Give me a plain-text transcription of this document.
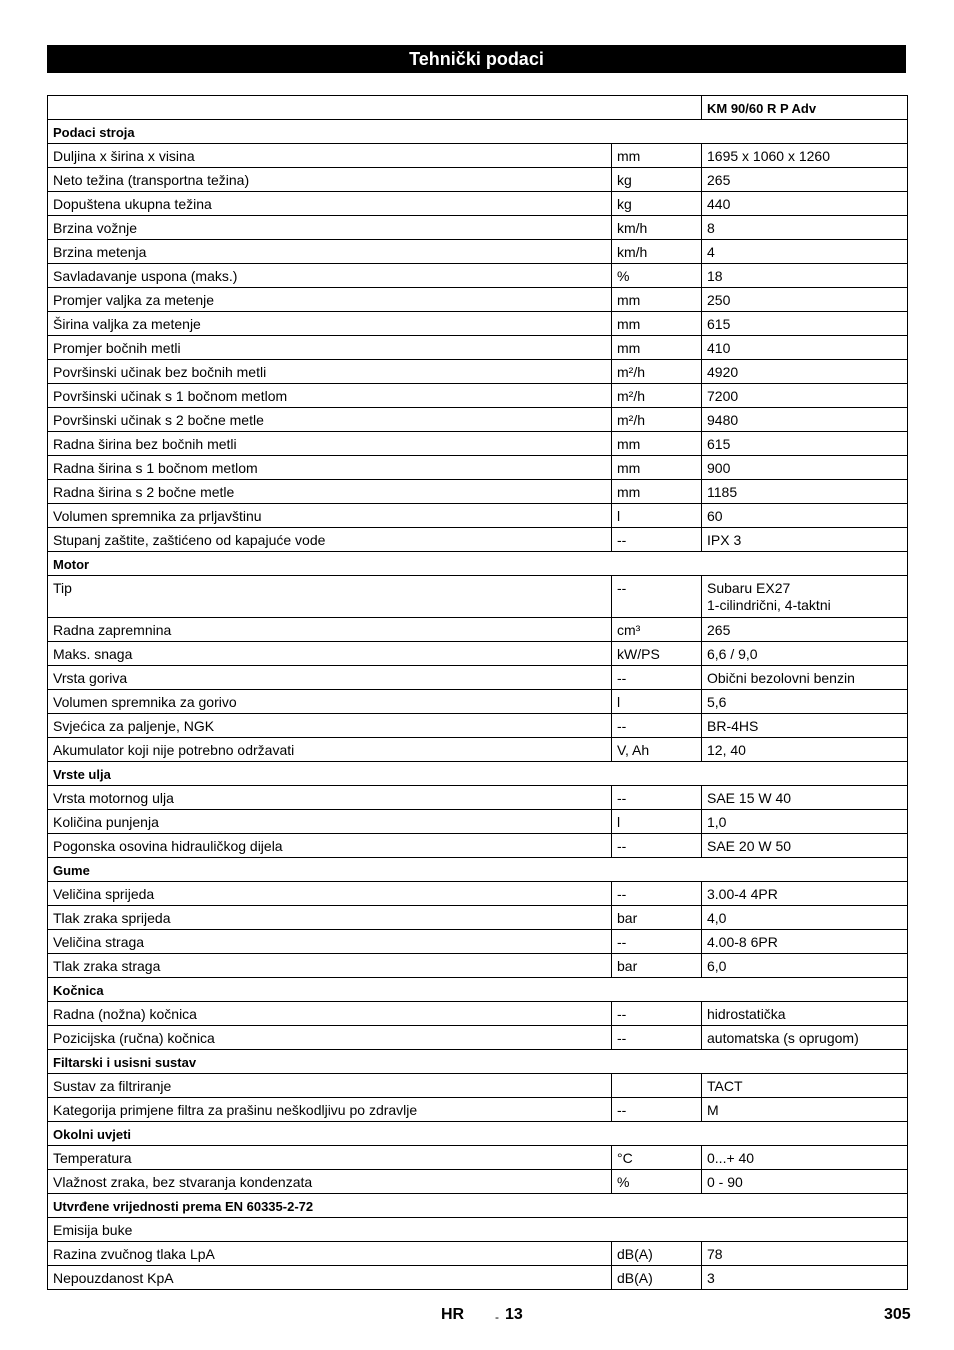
Tehnički podaci
		KM 90/60 R P Adv
Podaci stroja		
Duljina x širina x visina	mm	1695 x 1060 x 1260

Neto težina (transportna težina)	kg	265

Dopuštena ukupna težina	kg	440

Brzina vožnje	km/h	8

Brzina metenja	km/h	4

Savladavanje uspona (maks.)	%	18

Promjer valjka za metenje	mm	250

Širina valjka za metenje	mm	615

Promjer bočnih metli	mm	410

Površinski učinak bez bočnih metli	m²/h	4920

Površinski učinak s 1 bočnom metlom	m²/h	7200

Površinski učinak s 2 bočne metle	m²/h	9480

Radna širina bez bočnih metli	mm	615

Radna širina s 1 bočnom metlom	mm	900

Radna širina s 2 bočne metle	mm	1185

Volumen spremnika za prljavštinu	l	60

Stupanj zaštite, zaštićeno od kapajuće vode	--	IPX 3

Motor		
Tip	--	Subaru EX27
1-cilindrični, 4-taktni

Radna zapremnina	cm³	265

Maks. snaga	kW/PS	6,6 / 9,0

Vrsta goriva	--	Obični bezolovni benzin

Volumen spremnika za gorivo	l	5,6

Svjećica za paljenje, NGK	--	BR-4HS

Akumulator koji nije potrebno održavati	V, Ah	12, 40

Vrste ulja		
Vrsta motornog ulja	--	SAE 15 W 40

Količina punjenja	l	1,0

Pogonska osovina hidrauličkog dijela	--	SAE 20 W 50

Gume		
Veličina sprijeda	--	3.00-4 4PR

Tlak zraka sprijeda	bar	4,0

Veličina straga	--	4.00-8 6PR

Tlak zraka straga	bar	6,0

Kočnica		
Radna (nožna) kočnica	--	hidrostatička

Pozicijska (ručna) kočnica	--	automatska (s oprugom)

Filtarski i usisni sustav		
Sustav za filtriranje		TACT

Kategorija primjene filtra za prašinu neškodljivu po zdravlje	--	M

Okolni uvjeti		
Temperatura	°C	0...+ 40

Vlažnost zraka, bez stvaranja kondenzata	%	0 - 90

Utvrđene vrijednosti prema EN 60335-2-72		
Emisija buke		
Razina zvučnog tlaka LpA	dB(A)	78

Nepouzdanost KpA	dB(A)	3
HR	- 13	305
